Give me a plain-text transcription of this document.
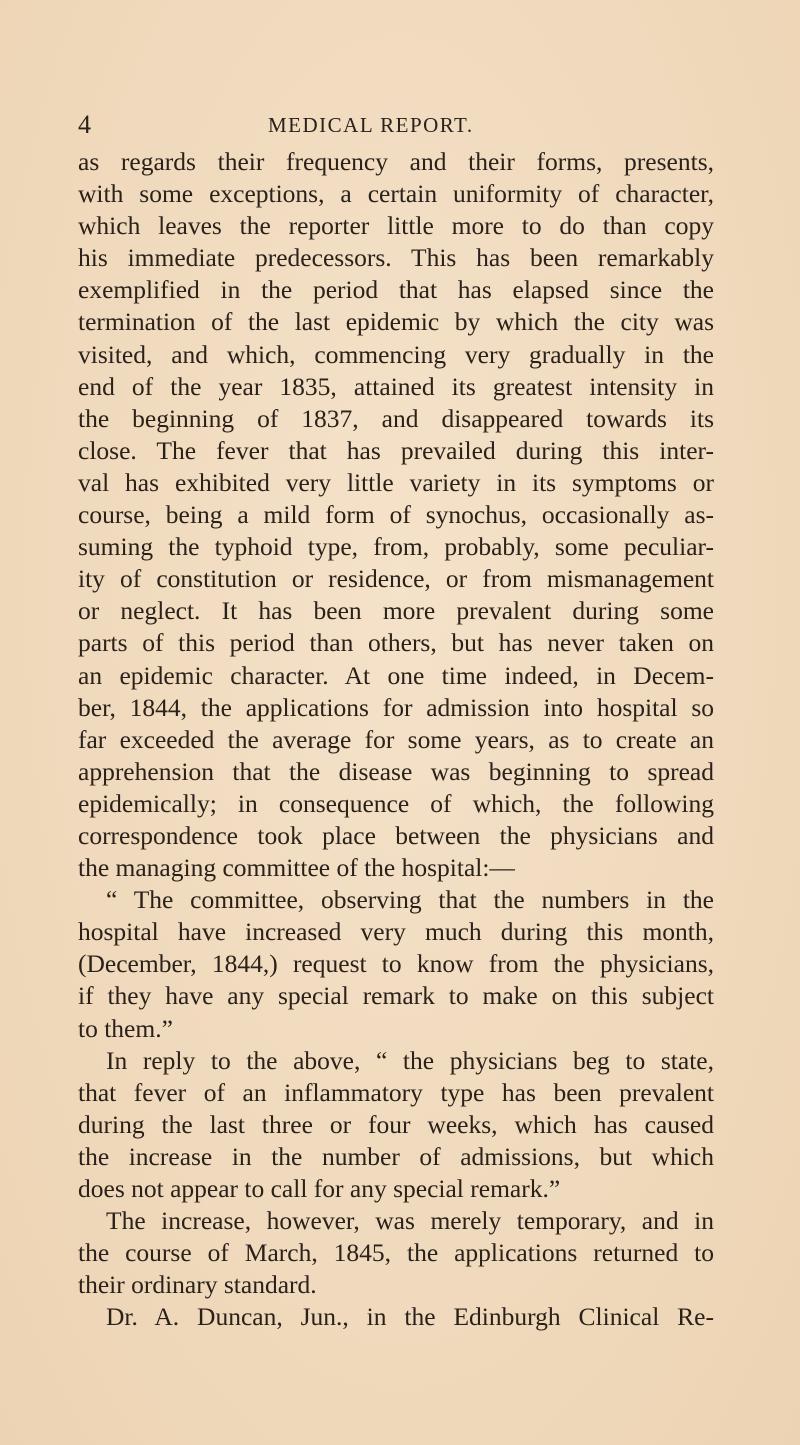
4	MEDICAL REPORT.
as regards their frequency and their forms, presents,
with some exceptions, a certain uniformity of character,
which leaves the reporter little more to do than copy
his immediate predecessors. This has been remarkably
exemplified in the period that has elapsed since the
termination of the last epidemic by which the city was
visited, and which, commencing very gradually in the
end of the year 1835, attained its greatest intensity in
the beginning of 1837, and disappeared towards its
close. The fever that has prevailed during this inter-
val has exhibited very little variety in its symptoms or
course, being a mild form of synochus, occasionally as-
suming the typhoid type, from, probably, some peculiar-
ity of constitution or residence, or from mismanagement
or neglect. It has been more prevalent during some
parts of this period than others, but has never taken on
an epidemic character. At one time indeed, in Decem-
ber, 1844, the applications for admission into hospital so
far exceeded the average for some years, as to create an
apprehension that the disease was beginning to spread
epidemically; in consequence of which, the following
correspondence took place between the physicians and
the managing committee of the hospital:—
“ The committee, observing that the numbers in the
hospital have increased very much during this month,
(December, 1844,) request to know from the physicians,
if they have any special remark to make on this subject
to them.”
In reply to the above, “ the physicians beg to state,
that fever of an inflammatory type has been prevalent
during the last three or four weeks, which has caused
the increase in the number of admissions, but which
does not appear to call for any special remark.”
The increase, however, was merely temporary, and in
the course of March, 1845, the applications returned to
their ordinary standard.
Dr. A. Duncan, Jun., in the Edinburgh Clinical Re-
